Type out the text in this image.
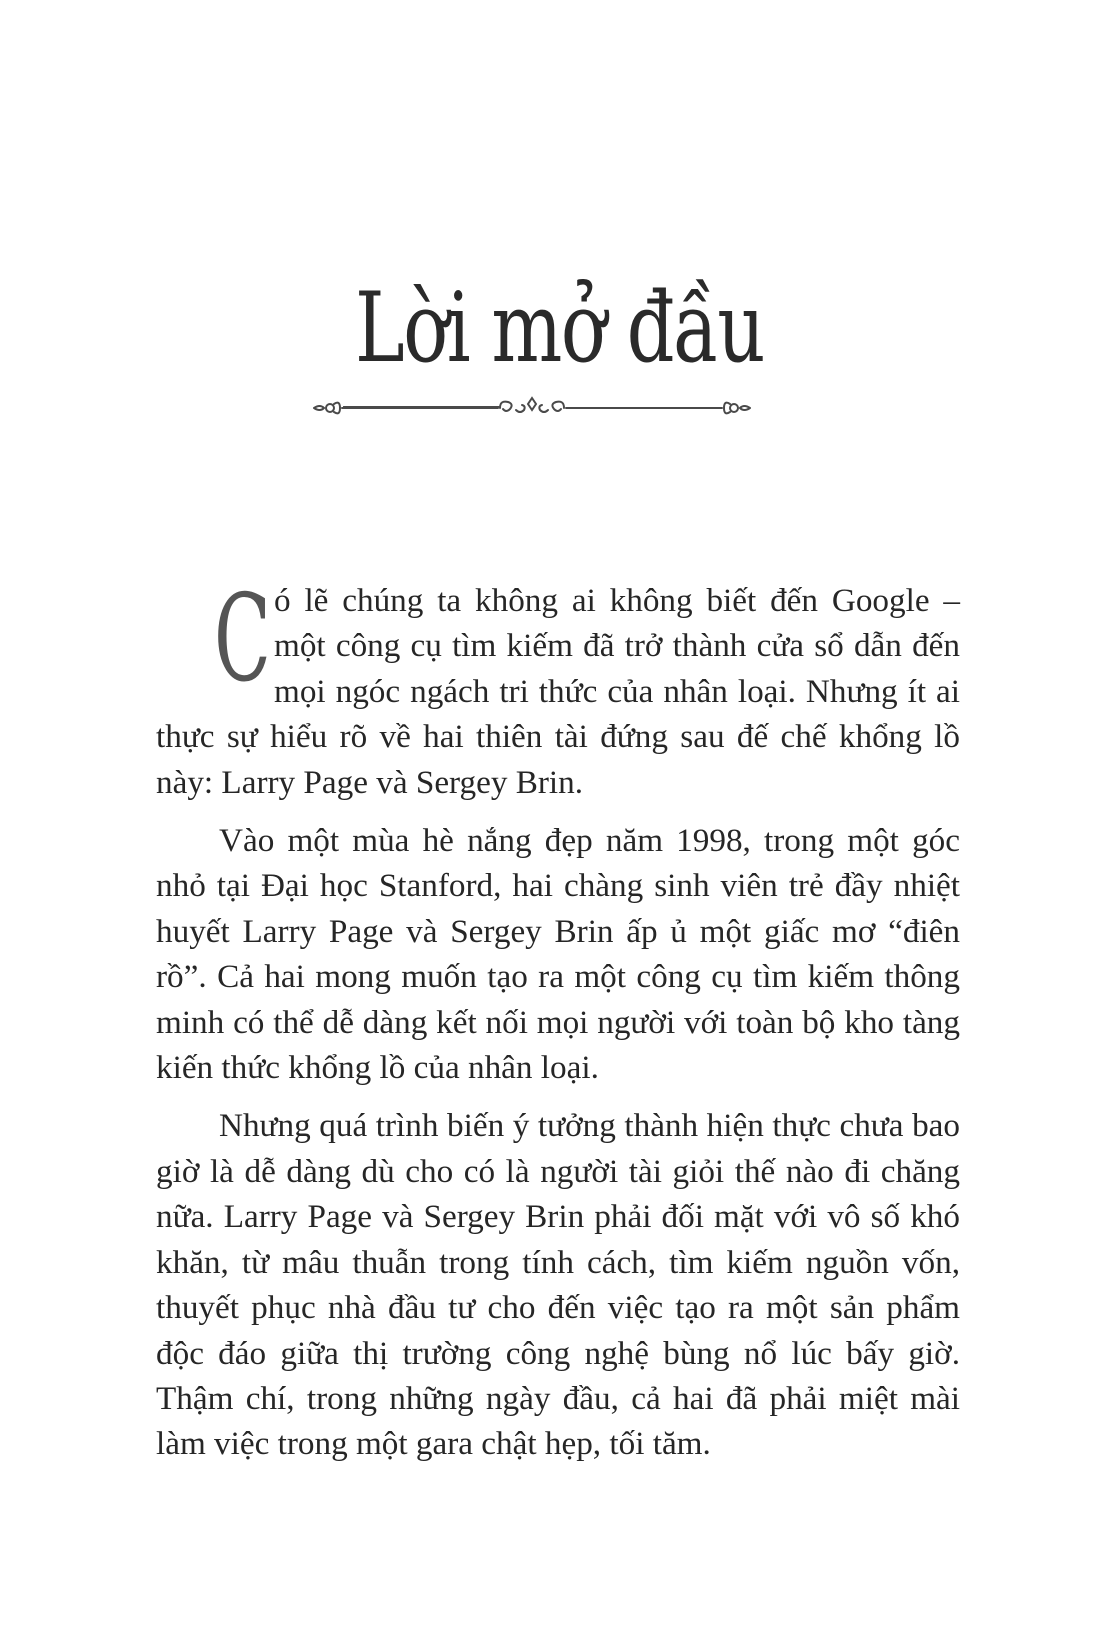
Lời mở đầu

Có lẽ chúng ta không ai không biết đến Google – một công cụ tìm kiếm đã trở thành cửa sổ dẫn đến mọi ngóc ngách tri thức của nhân loại. Nhưng ít ai thực sự hiểu rõ về hai thiên tài đứng sau đế chế khổng lồ này: Larry Page và Sergey Brin.

Vào một mùa hè nắng đẹp năm 1998, trong một góc nhỏ tại Đại học Stanford, hai chàng sinh viên trẻ đầy nhiệt huyết Larry Page và Sergey Brin ấp ủ một giấc mơ “điên rồ”. Cả hai mong muốn tạo ra một công cụ tìm kiếm thông minh có thể dễ dàng kết nối mọi người với toàn bộ kho tàng kiến thức khổng lồ của nhân loại.

Nhưng quá trình biến ý tưởng thành hiện thực chưa bao giờ là dễ dàng dù cho có là người tài giỏi thế nào đi chăng nữa. Larry Page và Sergey Brin phải đối mặt với vô số khó khăn, từ mâu thuẫn trong tính cách, tìm kiếm nguồn vốn, thuyết phục nhà đầu tư cho đến việc tạo ra một sản phẩm độc đáo giữa thị trường công nghệ bùng nổ lúc bấy giờ. Thậm chí, trong những ngày đầu, cả hai đã phải miệt mài làm việc trong một gara chật hẹp, tối tăm.
